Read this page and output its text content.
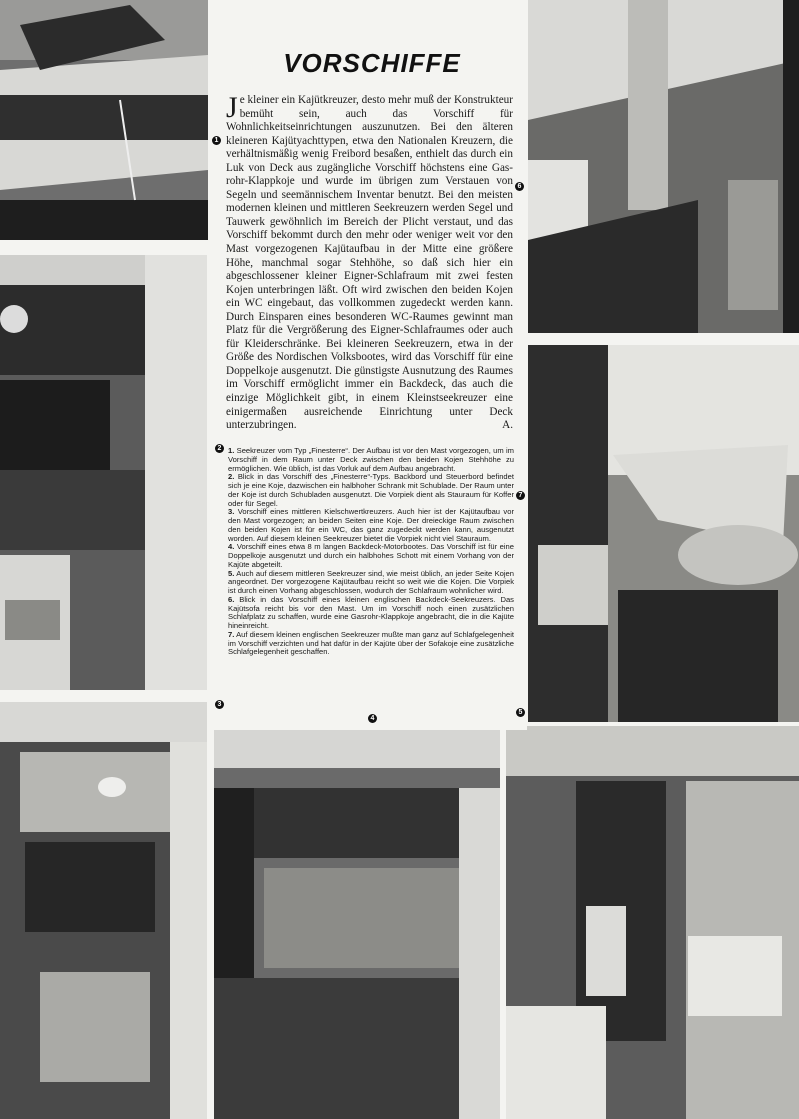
VORSCHIFFE

Je kleiner ein Kajütkreuzer, desto mehr muß der Konstrukteur bemüht sein, auch das Vorschiff für Wohnlichkeitseinrichtungen auszunutzen. Bei den älteren kleineren Kajütyachttypen, etwa den Nationalen Kreuzern, die verhältnismäßig wenig Freibord besaßen, enthielt das durch ein Luk von Deck aus zugängliche Vorschiff höchstens eine Gas-rohr-Klappkoje und wurde im übrigen zum Verstauen von Segeln und seemännischem Inventar benutzt. Bei den meisten modernen kleinen und mittleren Seekreuzern werden Segel und Tauwerk gewöhnlich im Bereich der Plicht verstaut, und das Vorschiff bekommt durch den mehr oder weniger weit vor den Mast vorgezogenen Kajütaufbau in der Mitte eine größere Höhe, manchmal sogar Stehhöhe, so daß sich hier ein abgeschlossener kleiner Eigner-Schlafraum mit zwei festen Kojen unterbringen läßt. Oft wird zwischen den beiden Kojen ein WC eingebaut, das vollkommen zugedeckt werden kann. Durch Einsparen eines besonderen WC-Raumes gewinnt man Platz für die Vergrößerung des Eigner-Schlafraumes oder auch für Kleiderschränke. Bei kleineren Seekreuzern, etwa in der Größe des Nordischen Volksbootes, wird das Vorschiff für eine Doppelkoje ausgenutzt. Die günstigste Ausnutzung des Raumes im Vorschiff ermöglicht immer ein Backdeck, das auch die einzige Möglichkeit gibt, in einem Kleinstseekreuzer eine einigermaßen ausreichende Einrichtung unter Deck unterzubringen.	A.

1. Seekreuzer vom Typ „Finesterre“. Der Aufbau ist vor den Mast vorgezogen, um im Vorschiff in dem Raum unter Deck zwischen den beiden Kojen Stehhöhe zu ermöglichen. Wie üblich, ist das Vorluk auf dem Aufbau angebracht.

2. Blick in das Vorschiff des „Finesterre“-Typs. Backbord und Steuerbord befindet sich je eine Koje, dazwischen ein halbhoher Schrank mit Schublade. Der Raum unter der Koje ist durch Schubladen ausgenutzt. Die Vorpiek dient als Stauraum für Koffer oder für Segel.

3. Vorschiff eines mittleren Kielschwertkreuzers. Auch hier ist der Kajütaufbau vor den Mast vorgezogen; an beiden Seiten eine Koje. Der dreieckige Raum zwischen den beiden Kojen ist für ein WC, das ganz zugedeckt werden kann, ausgenutzt worden. Auf diesem kleinen Seekreuzer bietet die Vorpiek nicht viel Stauraum.

4. Vorschiff eines etwa 8 m langen Backdeck-Motorbootes. Das Vorschiff ist für eine Doppelkoje ausgenutzt und durch ein halbhohes Schott mit einem Vorhang von der Kajüte abgeteilt.

5. Auch auf diesem mittleren Seekreuzer sind, wie meist üblich, an jeder Seite Kojen angeordnet. Der vorgezogene Kajütaufbau reicht so weit wie die Kojen. Die Vorpiek ist durch einen Vorhang abgeschlossen, wodurch der Schlafraum wohnlicher wird.

6. Blick in das Vorschiff eines kleinen englischen Backdeck-Seekreuzers. Das Kajütsofa reicht bis vor den Mast. Um im Vorschiff noch einen zusätzlichen Schlafplatz zu schaffen, wurde eine Gasrohr-Klappkoje angebracht, die in die Kajüte hineinreicht.

7. Auf diesem kleinen englischen Seekreuzer mußte man ganz auf Schlafgelegenheit im Vorschiff verzichten und hat dafür in der Kajüte über der Sofakoje eine zusätzliche Schlafgelegenheit geschaffen.

1
2
3
4
5
6
7
